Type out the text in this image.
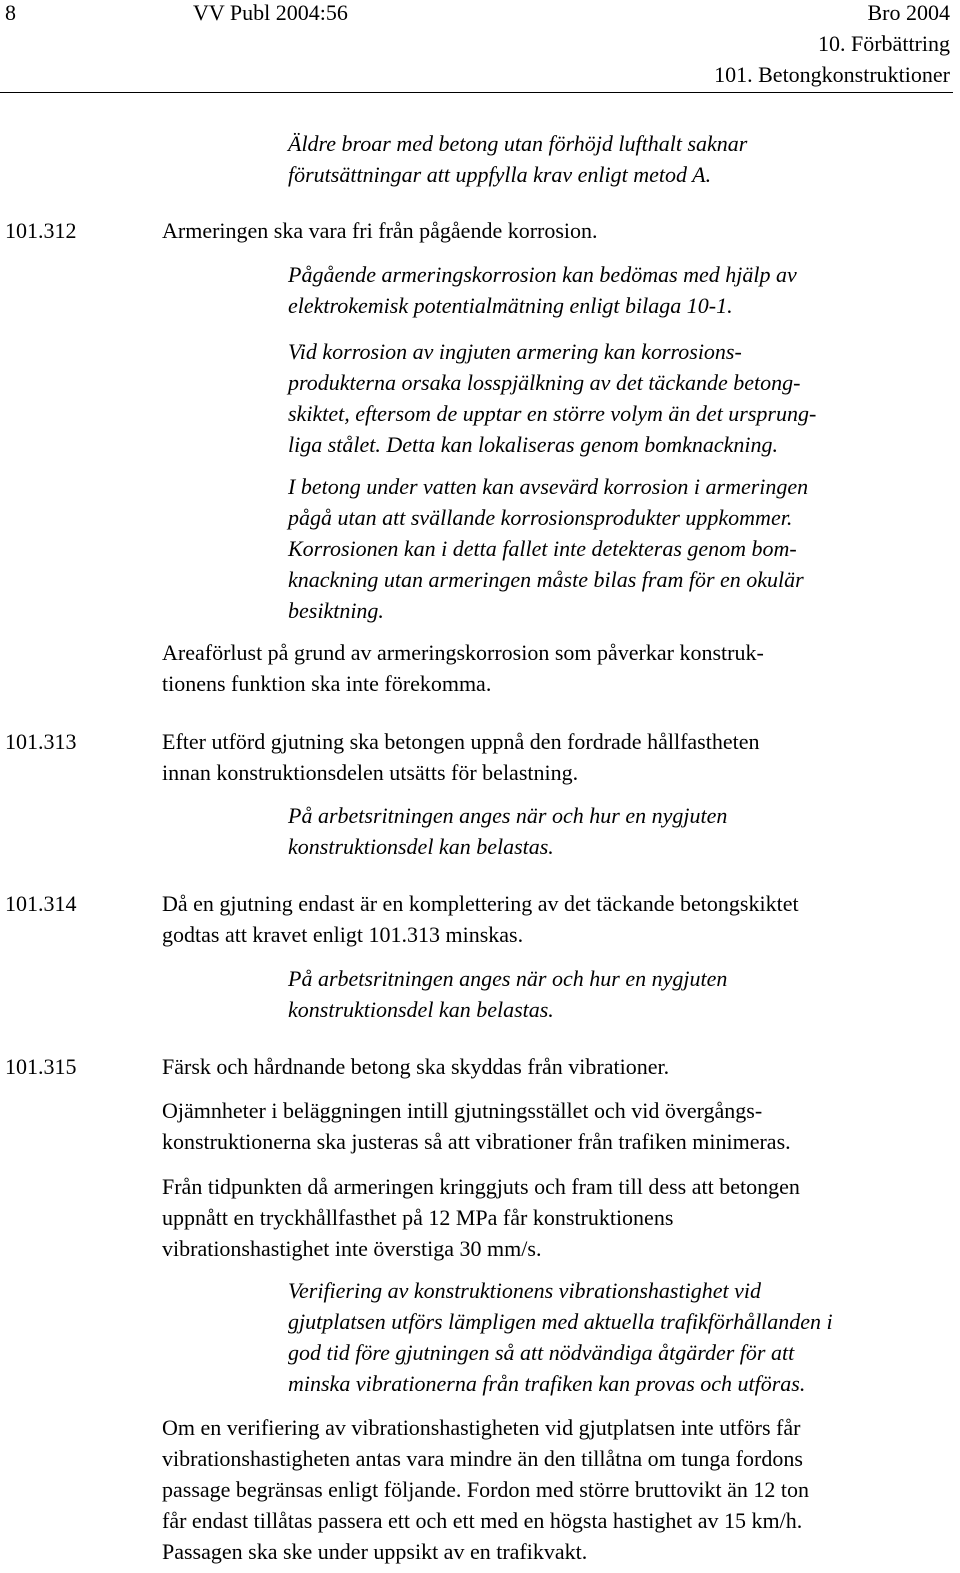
8	VV Publ 2004:56	Bro 2004
10. Förbättring
101. Betongkonstruktioner
Äldre broar med betong utan förhöjd lufthalt saknar
förutsättningar att uppfylla krav enligt metod A.
101.312	Armeringen ska vara fri från pågående korrosion.
Pågående armeringskorrosion kan bedömas med hjälp av
elektrokemisk potentialmätning enligt bilaga 10-1.
Vid korrosion av ingjuten armering kan korrosions-
produkterna orsaka losspjälkning av det täckande betong-
skiktet, eftersom de upptar en större volym än det ursprung-
liga stålet. Detta kan lokaliseras genom bomknackning.
I betong under vatten kan avsevärd korrosion i armeringen
pågå utan att svällande korrosionsprodukter uppkommer.
Korrosionen kan i detta fallet inte detekteras genom bom-
knackning utan armeringen måste bilas fram för en okulär
besiktning.
Areaförlust på grund av armeringskorrosion som påverkar konstruk-
tionens funktion ska inte förekomma.
101.313	Efter utförd gjutning ska betongen uppnå den fordrade hållfastheten
innan konstruktionsdelen utsätts för belastning.
På arbetsritningen anges när och hur en nygjuten
konstruktionsdel kan belastas.
101.314	Då en gjutning endast är en komplettering av det täckande betongskiktet
godtas att kravet enligt 101.313 minskas.
På arbetsritningen anges när och hur en nygjuten
konstruktionsdel kan belastas.
101.315	Färsk och hårdnande betong ska skyddas från vibrationer.
Ojämnheter i beläggningen intill gjutningsstället och vid övergångs-
konstruktionerna ska justeras så att vibrationer från trafiken minimeras.
Från tidpunkten då armeringen kringgjuts och fram till dess att betongen
uppnått en tryckhållfasthet på 12 MPa får konstruktionens
vibrationshastighet inte överstiga 30 mm/s.
Verifiering av konstruktionens vibrationshastighet vid
gjutplatsen utförs lämpligen med aktuella trafikförhållanden i
god tid före gjutningen så att nödvändiga åtgärder för att
minska vibrationerna från trafiken kan provas och utföras.
Om en verifiering av vibrationshastigheten vid gjutplatsen inte utförs får
vibrationshastigheten antas vara mindre än den tillåtna om tunga fordons
passage begränsas enligt följande. Fordon med större bruttovikt än 12 ton
får endast tillåtas passera ett och ett med en högsta hastighet av 15 km/h.
Passagen ska ske under uppsikt av en trafikvakt.
